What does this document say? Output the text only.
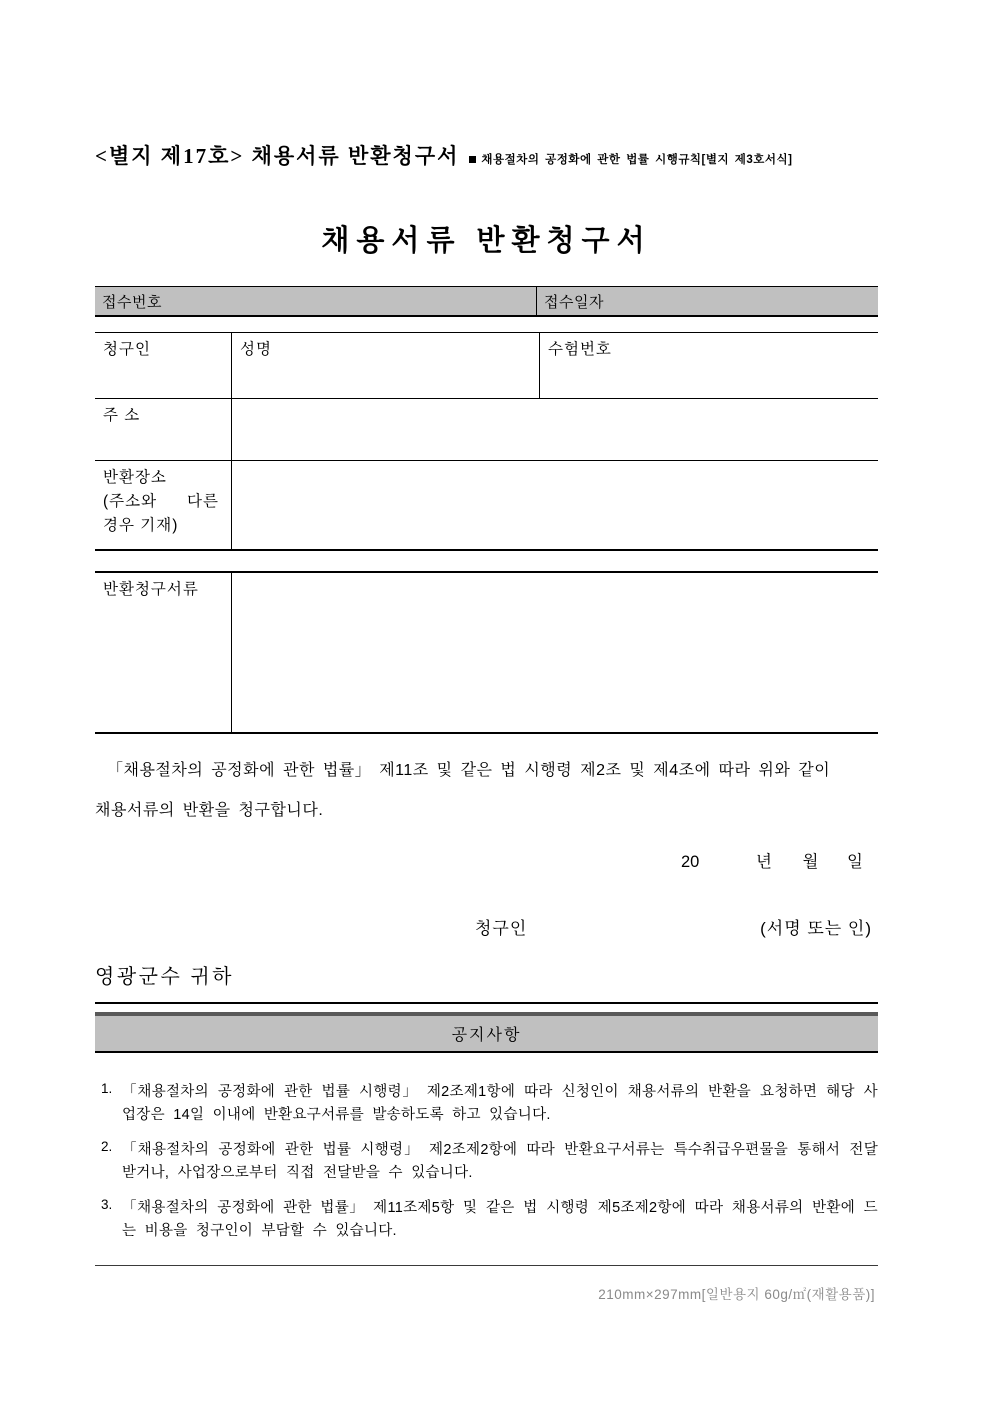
<별지 제17호> 채용서류 반환청구서 채용절차의 공정화에 관한 법률 시행규칙[별지 제3호서식]
채용서류 반환청구서
접수번호	접수일자
청구인	성명	수험번호
주 소
반환장소
(주소와 다른
경우 기재)
반환청구서류
「채용절차의 공정화에 관한 법률」 제11조 및 같은 법 시행령 제2조 및 제4조에 따라 위와 같이
채용서류의 반환을 청구합니다.
20	년 월 일
청구인	(서명 또는 인)
영광군수 귀하
공지사항
1. 「채용절차의 공정화에 관한 법률 시행령」 제2조제1항에 따라 신청인이 채용서류의 반환을 요청하면 해당 사업장은 14일 이내에 반환요구서류를 발송하도록 하고 있습니다.
2. 「채용절차의 공정화에 관한 법률 시행령」 제2조제2항에 따라 반환요구서류는 특수취급우편물을 통해서 전달받거나, 사업장으로부터 직접 전달받을 수 있습니다.
3. 「채용절차의 공정화에 관한 법률」 제11조제5항 및 같은 법 시행령 제5조제2항에 따라 채용서류의 반환에 드는 비용을 청구인이 부담할 수 있습니다.
210mm×297mm[일반용지 60g/㎡(재활용품)]
